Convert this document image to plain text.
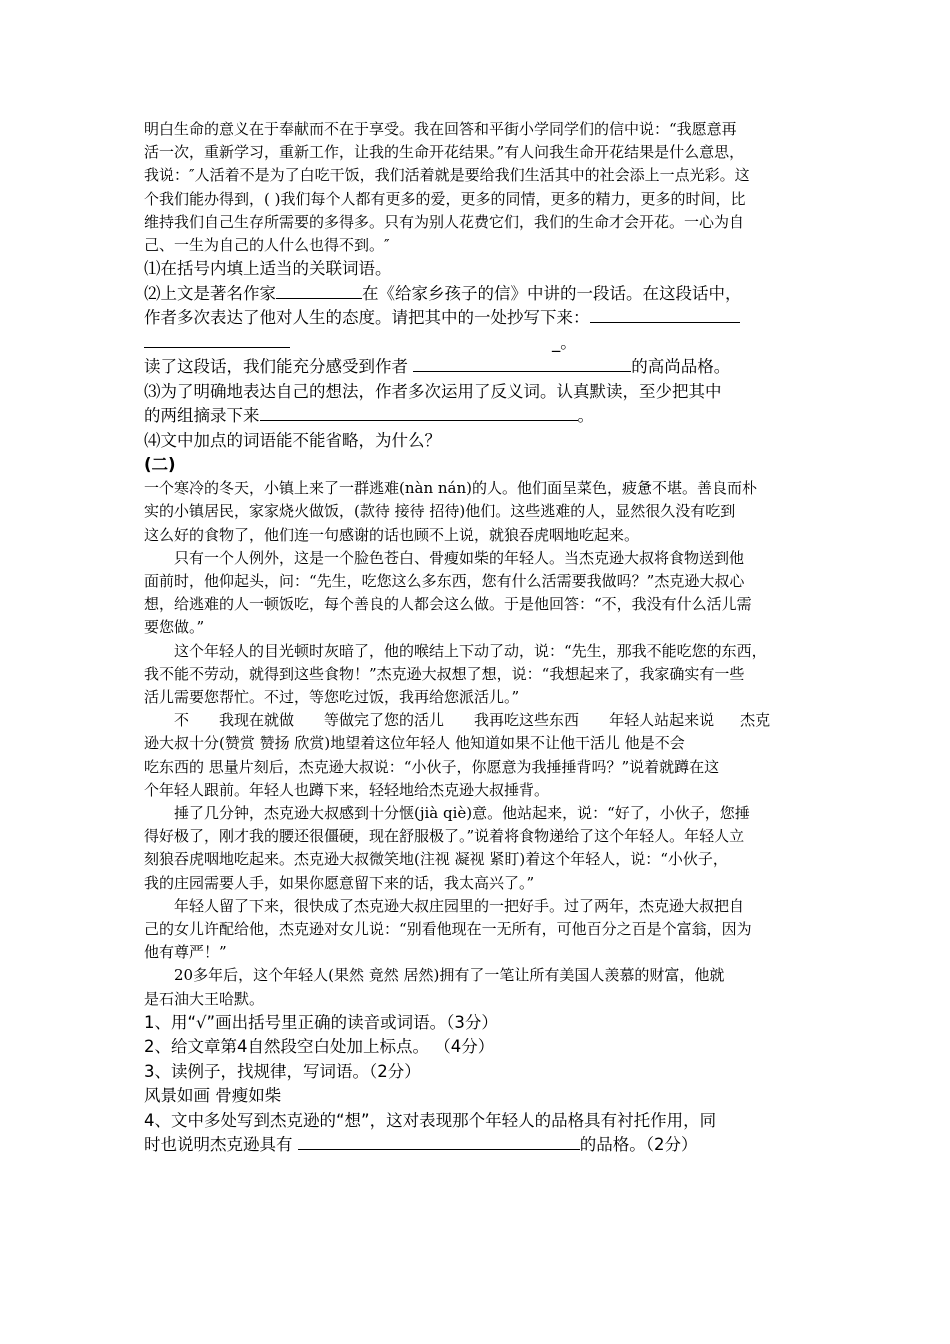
明白生命的意义在于奉献而不在于享受。我在回答和平街小学同学们的信中说：“我愿意再

活一次，重新学习，重新工作，让我的生命开花结果。”有人问我生命开花结果是什么意思，

我说：″人活着不是为了白吃干饭，我们活着就是要给我们生活其中的社会添上一点光彩。这

个我们能办得到，( )我们每个人都有更多的爱，更多的同情，更多的精力，更多的时间，比

维持我们自己生存所需要的多得多。只有为别人花费它们，我们的生命才会开花。一心为自

己、一生为自己的人什么也得不到。″

⑴在括号内填上适当的关联词语。

⑵上文是著名作家	在《给家乡孩子的信》中讲的一段话。在这段话中，

作者多次表达了他对人生的态度。请把其中的一处抄写下来：

_。

读了这段话，我们能充分感受到作者	的高尚品格。

⑶为了明确地表达自己的想法，作者多次运用了反义词。认真默读，至少把其中

的两组摘录下来	。

⑷文中加点的词语能不能省略，为什么？

(二)

一个寒冷的冬天，小镇上来了一群逃难(nàn nán)的人。他们面呈菜色，疲惫不堪。善良而朴

实的小镇居民，家家烧火做饭，(款待 接待 招待)他们。这些逃难的人，显然很久没有吃到

这么好的食物了，他们连一句感谢的话也顾不上说，就狼吞虎咽地吃起来。

只有一个人例外，这是一个脸色苍白、骨瘦如柴的年轻人。当杰克逊大叔将食物送到他

面前时，他仰起头，问：“先生，吃您这么多东西，您有什么活需要我做吗？”杰克逊大叔心

想，给逃难的人一顿饭吃，每个善良的人都会这么做。于是他回答：“不，我没有什么活儿需

要您做。”

这个年轻人的目光顿时灰暗了，他的喉结上下动了动，说：“先生，那我不能吃您的东西，

我不能不劳动，就得到这些食物！”杰克逊大叔想了想，说：“我想起来了，我家确实有一些

活儿需要您帮忙。不过，等您吃过饭，我再给您派活儿。”

不 我现在就做 等做完了您的活儿 我再吃这些东西 年轻人站起来说 杰克

逊大叔十分(赞赏 赞扬 欣赏)地望着这位年轻人 他知道如果不让他干活儿 他是不会

吃东西的 思量片刻后，杰克逊大叔说：“小伙子，你愿意为我捶捶背吗？”说着就蹲在这

个年轻人跟前。年轻人也蹲下来，轻轻地给杰克逊大叔捶背。

捶了几分钟，杰克逊大叔感到十分惬(jià qiè)意。他站起来，说：“好了，小伙子，您捶

得好极了，刚才我的腰还很僵硬，现在舒服极了。”说着将食物递给了这个年轻人。年轻人立

刻狼吞虎咽地吃起来。杰克逊大叔微笑地(注视 凝视 紧盯)着这个年轻人，说：“小伙子，

我的庄园需要人手，如果你愿意留下来的话，我太高兴了。”

年轻人留了下来，很快成了杰克逊大叔庄园里的一把好手。过了两年，杰克逊大叔把自

己的女儿许配给他，杰克逊对女儿说：“别看他现在一无所有，可他百分之百是个富翁，因为

他有尊严！”

20多年后，这个年轻人(果然 竟然 居然)拥有了一笔让所有美国人羡慕的财富，他就

是石油大王哈默。

1、用“√”画出括号里正确的读音或词语。（3分）

2、给文章第4自然段空白处加上标点。 （4分）

3、读例子，找规律，写词语。（2分）

风景如画 骨瘦如柴

4、文中多处写到杰克逊的“想”，这对表现那个年轻人的品格具有衬托作用，同

时也说明杰克逊具有	的品格。（2分）
